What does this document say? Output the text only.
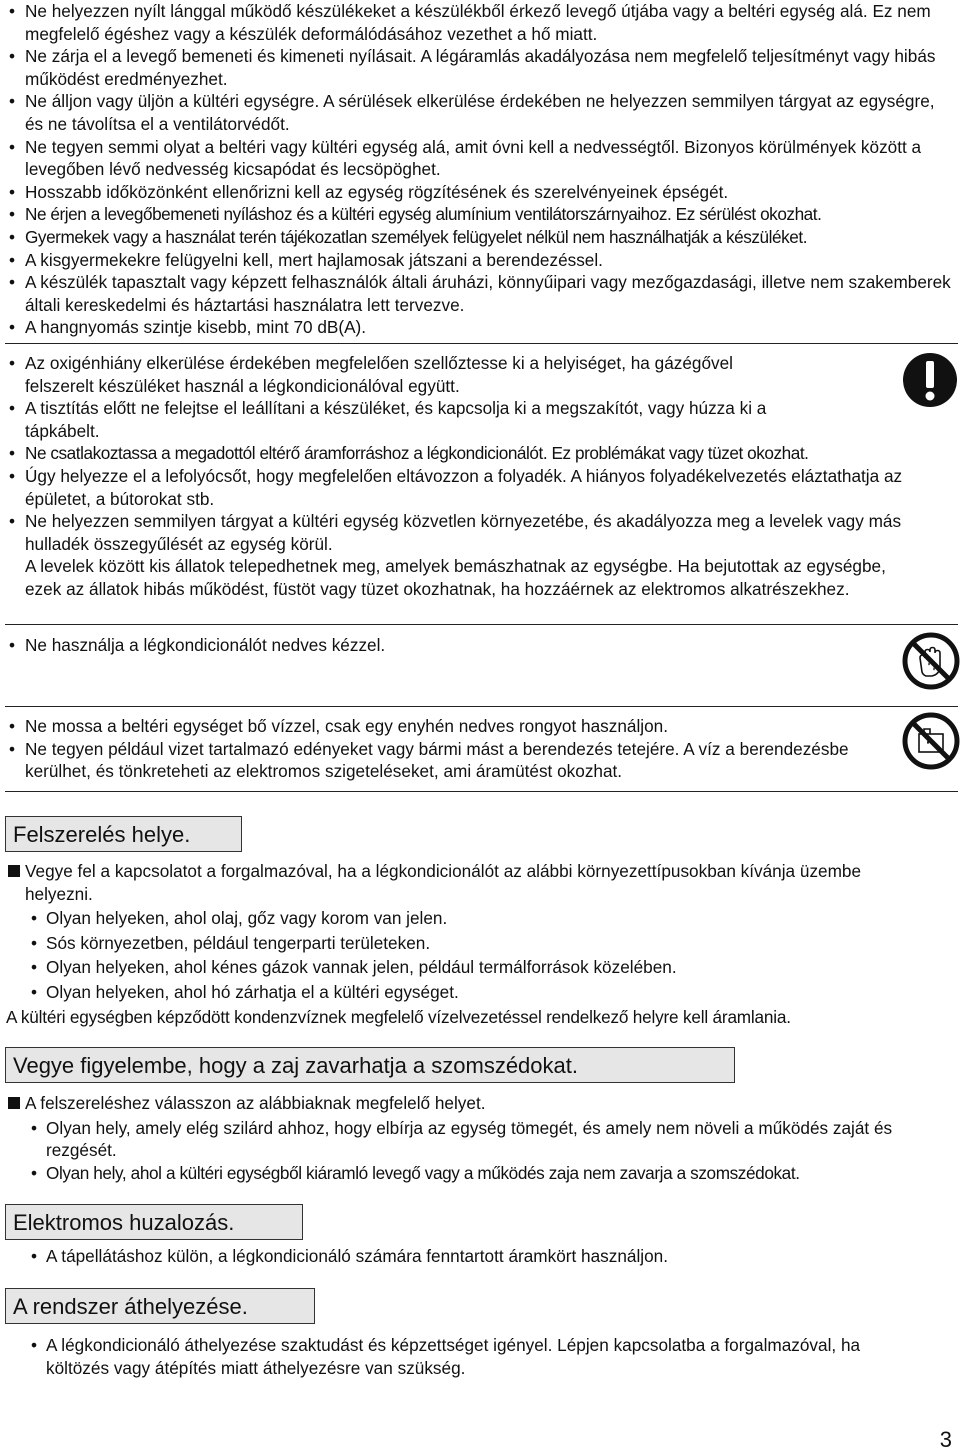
• Ne helyezzen nyílt lánggal működő készülékeket a készülékből érkező levegő útjába vagy a beltéri egység alá. Ez nem megfelelő égéshez vagy a készülék deformálódásához vezethet a hő miatt.

• Ne zárja el a levegő bemeneti és kimeneti nyílásait. A légáramlás akadályozása nem megfelelő teljesítményt vagy hibás működést eredményezhet.

• Ne álljon vagy üljön a kültéri egységre. A sérülések elkerülése érdekében ne helyezzen semmilyen tárgyat az egységre, és ne távolítsa el a ventilátorvédőt.

• Ne tegyen semmi olyat a beltéri vagy kültéri egység alá, amit óvni kell a nedvességtől. Bizonyos körülmények között a levegőben lévő nedvesség kicsapódat és lecsöpöghet.

• Hosszabb időközönként ellenőrizni kell az egység rögzítésének és szerelvényeinek épségét.

• Ne érjen a levegőbemeneti nyíláshoz és a kültéri egység alumínium ventilátorszárnyaihoz. Ez sérülést okozhat.

• Gyermekek vagy a használat terén tájékozatlan személyek felügyelet nélkül nem használhatják a készüléket.

• A kisgyermekekre felügyelni kell, mert hajlamosak játszani a berendezéssel.

• A készülék tapasztalt vagy képzett felhasználók általi áruházi, könnyűipari vagy mezőgazdasági, illetve nem szakemberek általi kereskedelmi és háztartási használatra lett tervezve.

• A hangnyomás szintje kisebb, mint 70 dB(A).

• Az oxigénhiány elkerülése érdekében megfelelően szellőztesse ki a helyiséget, ha gázégővel felszerelt készüléket használ a légkondicionálóval együtt.

• A tisztítás előtt ne felejtse el leállítani a készüléket, és kapcsolja ki a megszakítót, vagy húzza ki a tápkábelt.

• Ne csatlakoztassa a megadottól eltérő áramforráshoz a légkondicionálót. Ez problémákat vagy tüzet okozhat.

• Úgy helyezze el a lefolyócsőt, hogy megfelelően eltávozzon a folyadék. A hiányos folyadékelvezetés eláztathatja az épületet, a bútorokat stb.

• Ne helyezzen semmilyen tárgyat a kültéri egység közvetlen környezetébe, és akadályozza meg a levelek vagy más hulladék összegyűlését az egység körül.

A levelek között kis állatok telepedhetnek meg, amelyek bemászhatnak az egységbe. Ha bejutottak az egységbe, ezek az állatok hibás működést, füstöt vagy tüzet okozhatnak, ha hozzáérnek az elektromos alkatrészekhez.

• Ne használja a légkondicionálót nedves kézzel.

• Ne mossa a beltéri egységet bő vízzel, csak egy enyhén nedves rongyot használjon.

• Ne tegyen például vizet tartalmazó edényeket vagy bármi mást a berendezés tetejére. A víz a berendezésbe kerülhet, és tönkreteheti az elektromos szigeteléseket, ami áramütést okozhat.

Felszerelés helye.

Vegye fel a kapcsolatot a forgalmazóval, ha a légkondicionálót az alábbi környezettípusokban kívánja üzembe helyezni.

• Olyan helyeken, ahol olaj, gőz vagy korom van jelen.

• Sós környezetben, például tengerparti területeken.

• Olyan helyeken, ahol kénes gázok vannak jelen, például termálforrások közelében.

• Olyan helyeken, ahol hó zárhatja el a kültéri egységet.

A kültéri egységben képződött kondenzvíznek megfelelő vízelvezetéssel rendelkező helyre kell áramlania.

Vegye figyelembe, hogy a zaj zavarhatja a szomszédokat.

A felszereléshez válasszon az alábbiaknak megfelelő helyet.

• Olyan hely, amely elég szilárd ahhoz, hogy elbírja az egység tömegét, és amely nem növeli a működés zaját és rezgését.

• Olyan hely, ahol a kültéri egységből kiáramló levegő vagy a működés zaja nem zavarja a szomszédokat.

Elektromos huzalozás.

• A tápellátáshoz külön, a légkondicionáló számára fenntartott áramkört használjon.

A rendszer áthelyezése.

• A légkondicionáló áthelyezése szaktudást és képzettséget igényel. Lépjen kapcsolatba a forgalmazóval, ha költözés vagy átépítés miatt áthelyezésre van szükség.

3
